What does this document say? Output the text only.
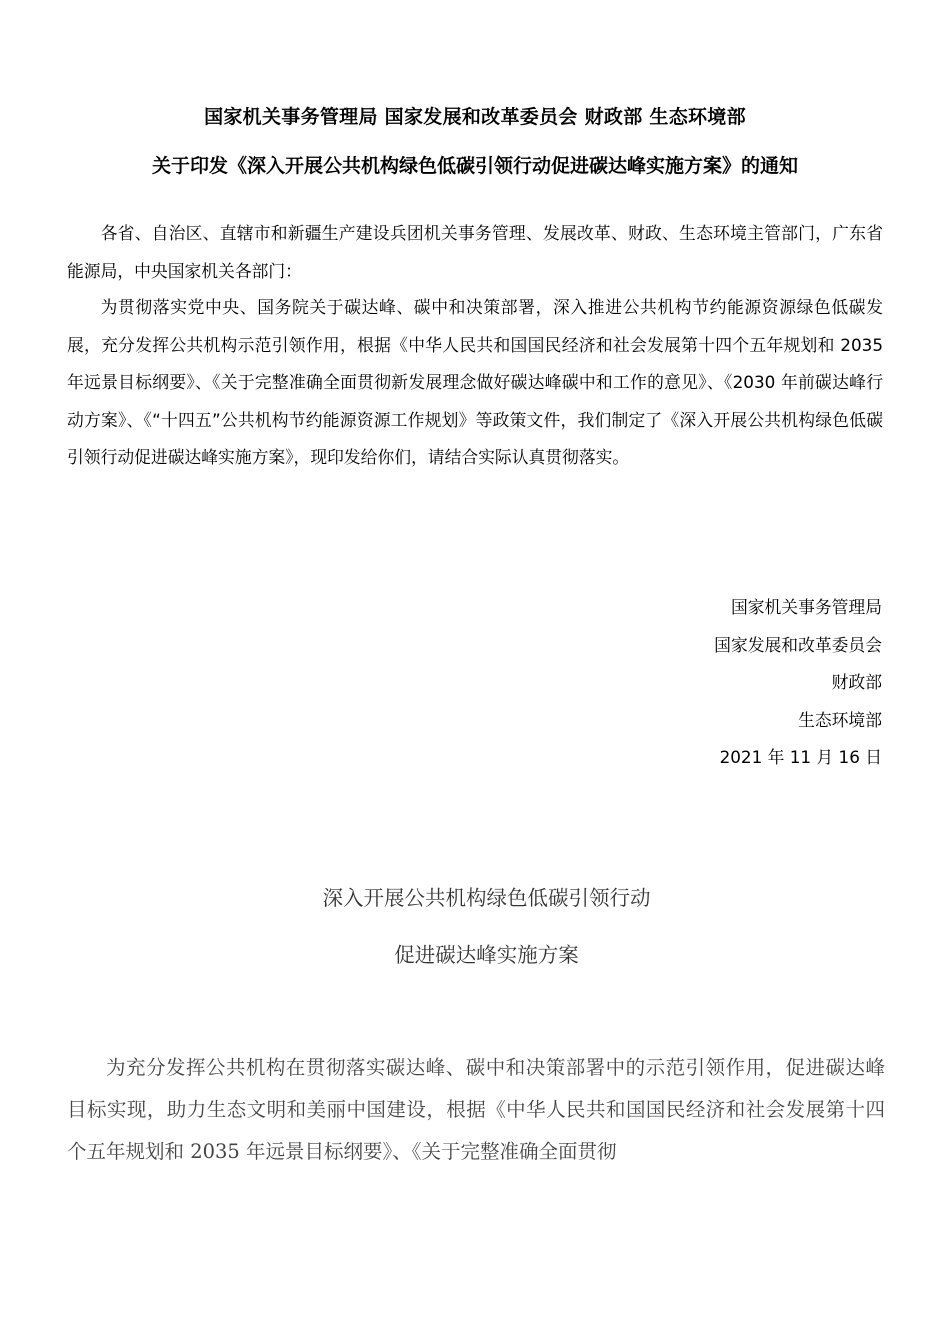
国家机关事务管理局 国家发展和改革委员会 财政部 生态环境部
关于印发《深入开展公共机构绿色低碳引领行动促进碳达峰实施方案》的通知

各省、自治区、直辖市和新疆生产建设兵团机关事务管理、发展改革、财政、生态环境主管部门，广东省能源局，中央国家机关各部门：

为贯彻落实党中央、国务院关于碳达峰、碳中和决策部署，深入推进公共机构节约能源资源绿色低碳发展，充分发挥公共机构示范引领作用，根据《中华人民共和国国民经济和社会发展第十四个五年规划和 2035 年远景目标纲要》、《关于完整准确全面贯彻新发展理念做好碳达峰碳中和工作的意见》、《2030 年前碳达峰行动方案》、《“十四五”公共机构节约能源资源工作规划》等政策文件，我们制定了《深入开展公共机构绿色低碳引领行动促进碳达峰实施方案》，现印发给你们，请结合实际认真贯彻落实。

国家机关事务管理局
国家发展和改革委员会
财政部
生态环境部
2021 年 11 月 16 日
深入开展公共机构绿色低碳引领行动
促进碳达峰实施方案

为充分发挥公共机构在贯彻落实碳达峰、碳中和决策部署中的示范引领作用，促进碳达峰目标实现，助力生态文明和美丽中国建设，根据《中华人民共和国国民经济和社会发展第十四个五年规划和 2035 年远景目标纲要》、《关于完整准确全面贯彻
